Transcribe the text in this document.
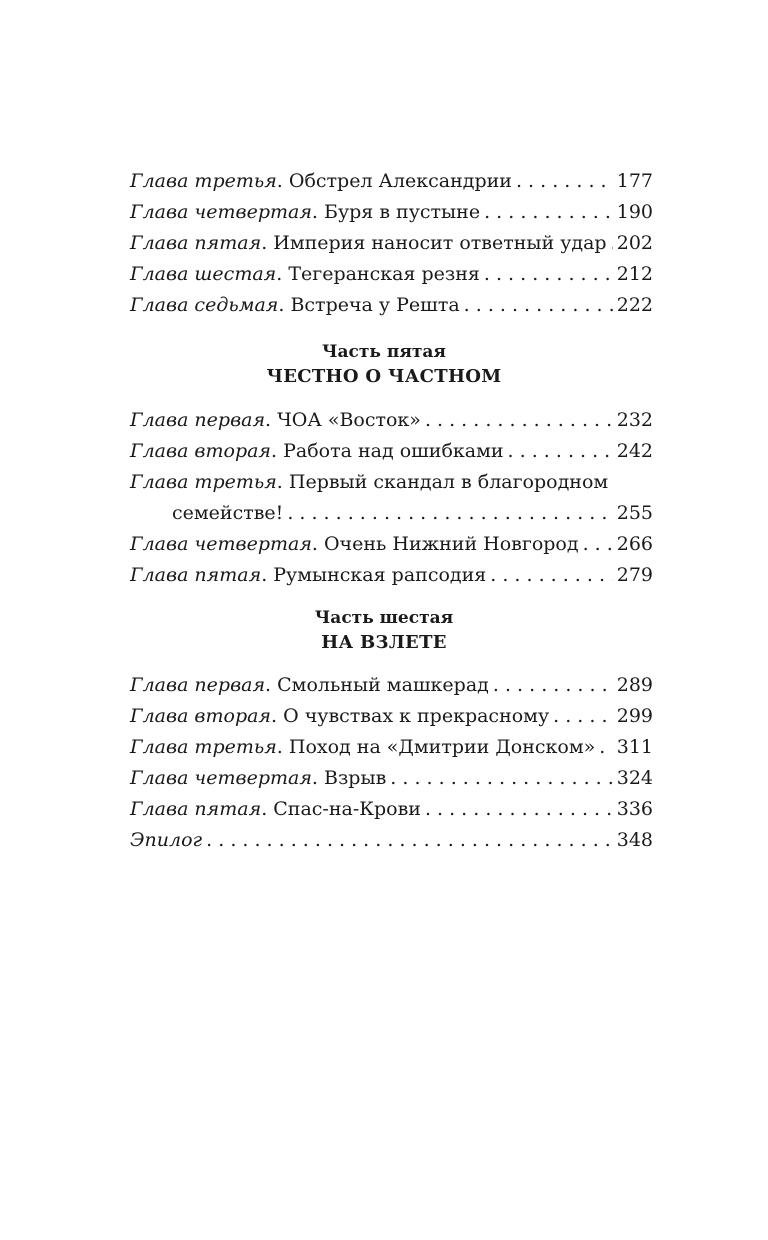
Глава третья . Обстрел Александрии . . .	177
Глава четвертая . Буря в пустыне . . .	190
Глава пятая . Империя наносит ответный удар . . . 202
Глава шестая . Тегеранская резня . . .	212
Глава седьмая . Встреча у Решта . . .	222
Часть пятая
ЧЕСТНО О ЧАСТНОМ
Глава первая . ЧОА «Восток» . . .	232
Глава вторая . Работа над ошибками . . .	242
Глава третья. Первый скандал в благородном
семействе! . . .	255
Глава четвертая . Очень Нижний Новгород . . . 266
Глава пятая . Румынская рапсодия . . .	279
Часть шестая
НА ВЗЛЕТЕ
Глава первая . Смольный машкерад . . .	289
Глава вторая . О чувствах к прекрасному . . .	299
Глава третья . Поход на «Дмитрии Донском» . . . 311
Глава четвертая . Взрыв . . .	324
Глава пятая . Спас-на-Крови . . .	336
Эпилог . . .	348
